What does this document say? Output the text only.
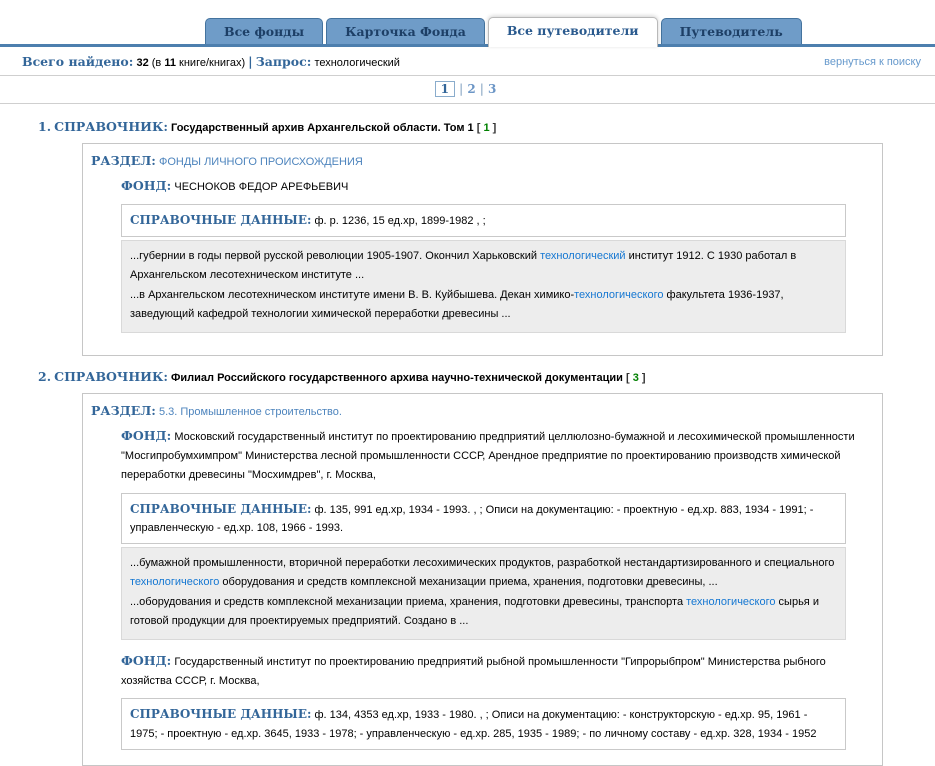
Все фонды	Карточка Фонда	Все путеводители	Путеводитель
Всего найдено: 32 (в 11 книге/книгах) | Запрос: технологический	вернуться к поиску
1 | 2 | 3
1. СПРАВОЧНИК: Государственный архив Архангельской области. Том 1 [ 1 ]
РАЗДЕЛ: ФОНДЫ ЛИЧНОГО ПРОИСХОЖДЕНИЯ
ФОНД: ЧЕСНОКОВ ФЕДОР АРЕФЬЕВИЧ
СПРАВОЧНЫЕ ДАННЫЕ: ф. р. 1236, 15 ед.хр, 1899-1982 , ;

...губернии в годы первой русской революции 1905-1907. Окончил Харьковский технологический институт 1912. С 1930 работал в Архангельском лесотехническом институте ...

...в Архангельском лесотехническом институте имени В. В. Куйбышева. Декан химико-технологического факультета 1936-1937, заведующий кафедрой технологии химической переработки древесины ...

2. СПРАВОЧНИК: Филиал Российского государственного архива научно-технической документации [ 3 ]
РАЗДЕЛ: 5.3. Промышленное строительство.
ФОНД: Московский государственный институт по проектированию предприятий целлюлозно-бумажной и лесохимической промышленности "Мосгипробумхимпром" Министерства лесной промышленности СССР, Арендное предприятие по проектированию производств химической переработки древесины "Мосхимдрев", г. Москва,
СПРАВОЧНЫЕ ДАННЫЕ: ф. 135, 991 ед.хр, 1934 - 1993. , ; Описи на документацию: - проектную - ед.хр. 883, 1934 - 1991; - управленческую - ед.хр. 108, 1966 - 1993.

...бумажной промышленности, вторичной переработки лесохимических продуктов, разработкой нестандартизированного и специального технологического оборудования и средств комплексной механизации приема, хранения, подготовки древесины, ...

...оборудования и средств комплексной механизации приема, хранения, подготовки древесины, транспорта технологического сырья и готовой продукции для проектируемых предприятий. Создано в ...

ФОНД: Государственный институт по проектированию предприятий рыбной промышленности "Гипрорыбпром" Министерства рыбного хозяйства СССР, г. Москва,
СПРАВОЧНЫЕ ДАННЫЕ: ф. 134, 4353 ед.хр, 1933 - 1980. , ; Описи на документацию: - конструкторскую - ед.хр. 95, 1961 - 1975; - проектную - ед.хр. 3645, 1933 - 1978; - управленческую - ед.хр. 285, 1935 - 1989; - по личному составу - ед.хр. 328, 1934 - 1952
